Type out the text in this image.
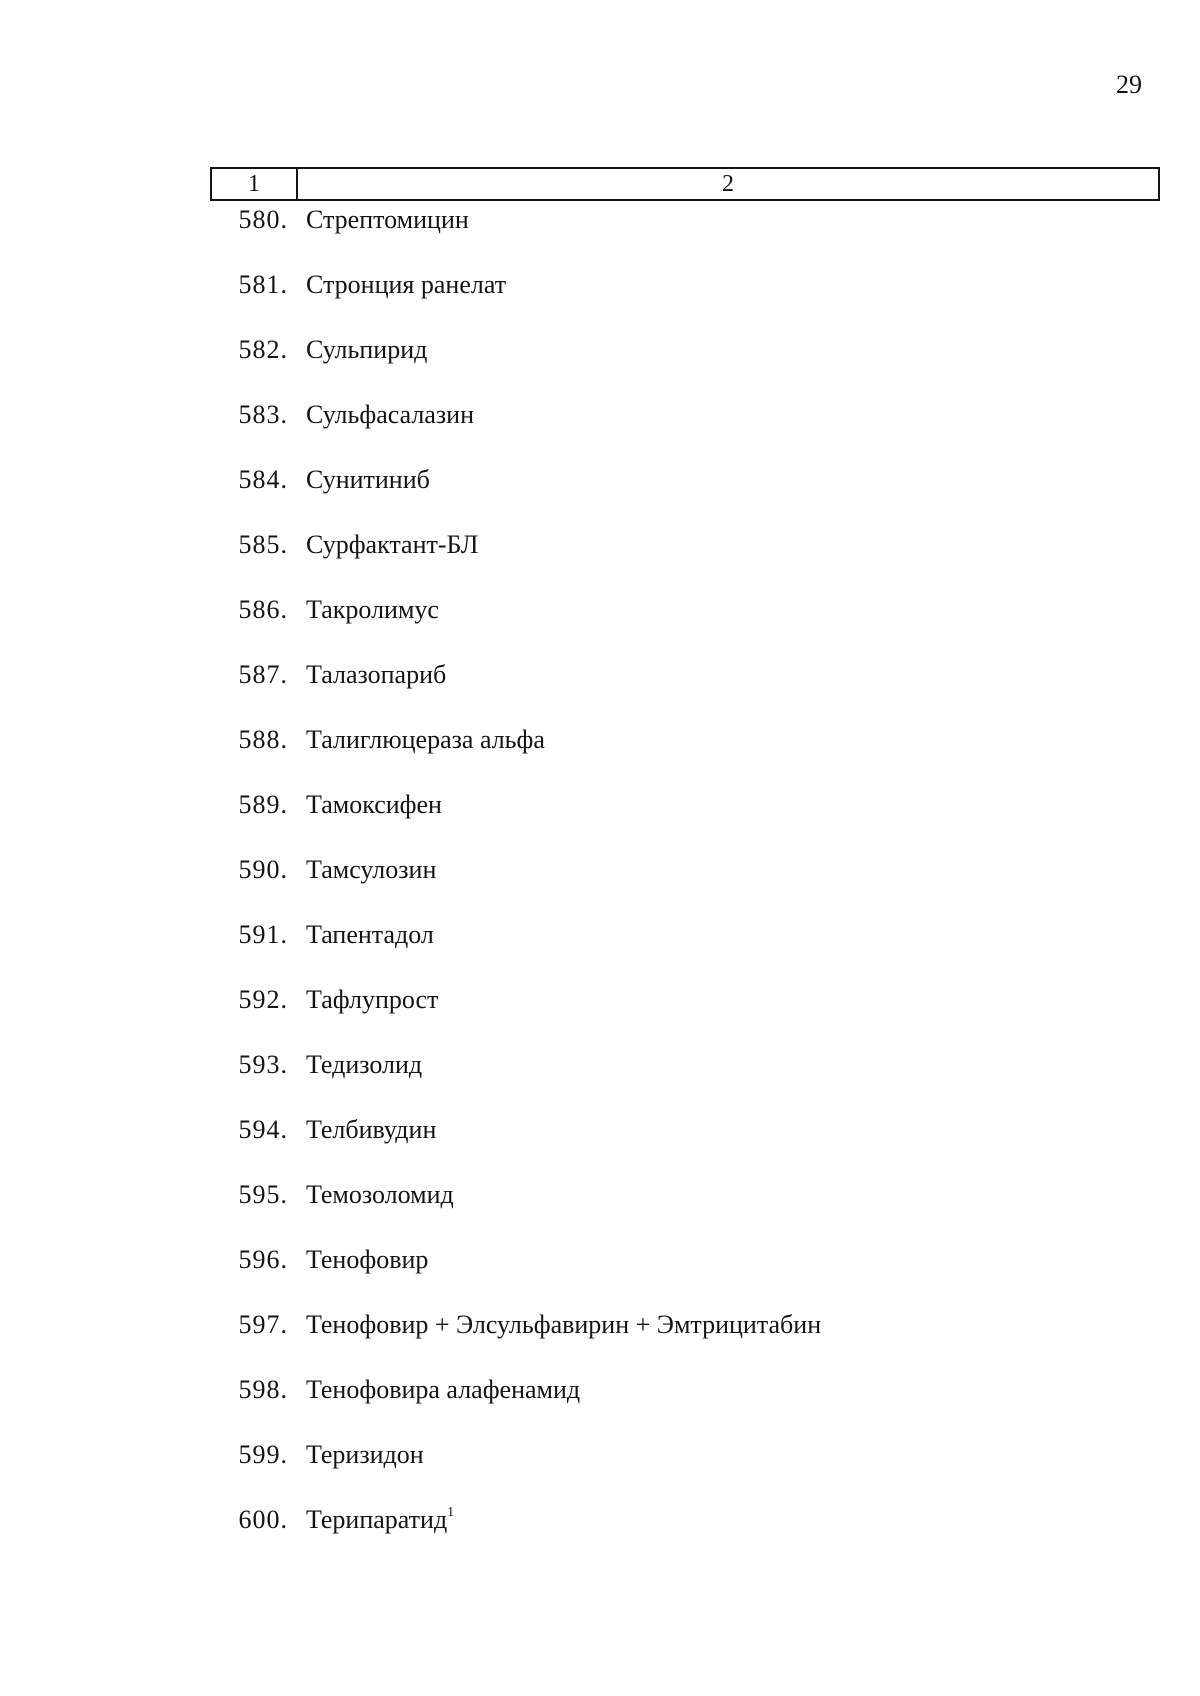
29
1	2
580. Стрептомицин
581. Стронция ранелат
582. Сульпирид
583. Сульфасалазин
584. Сунитиниб
585. Сурфактант-БЛ
586. Такролимус
587. Талазопариб
588. Талиглюцераза альфа
589. Тамоксифен
590. Тамсулозин
591. Тапентадол
592. Тафлупрост
593. Тедизолид
594. Телбивудин
595. Темозоломид
596. Тенофовир
597. Тенофовир + Элсульфавирин + Эмтрицитабин
598. Тенофовира алафенамид
599. Теризидон
600. Терипаратид$^1$
